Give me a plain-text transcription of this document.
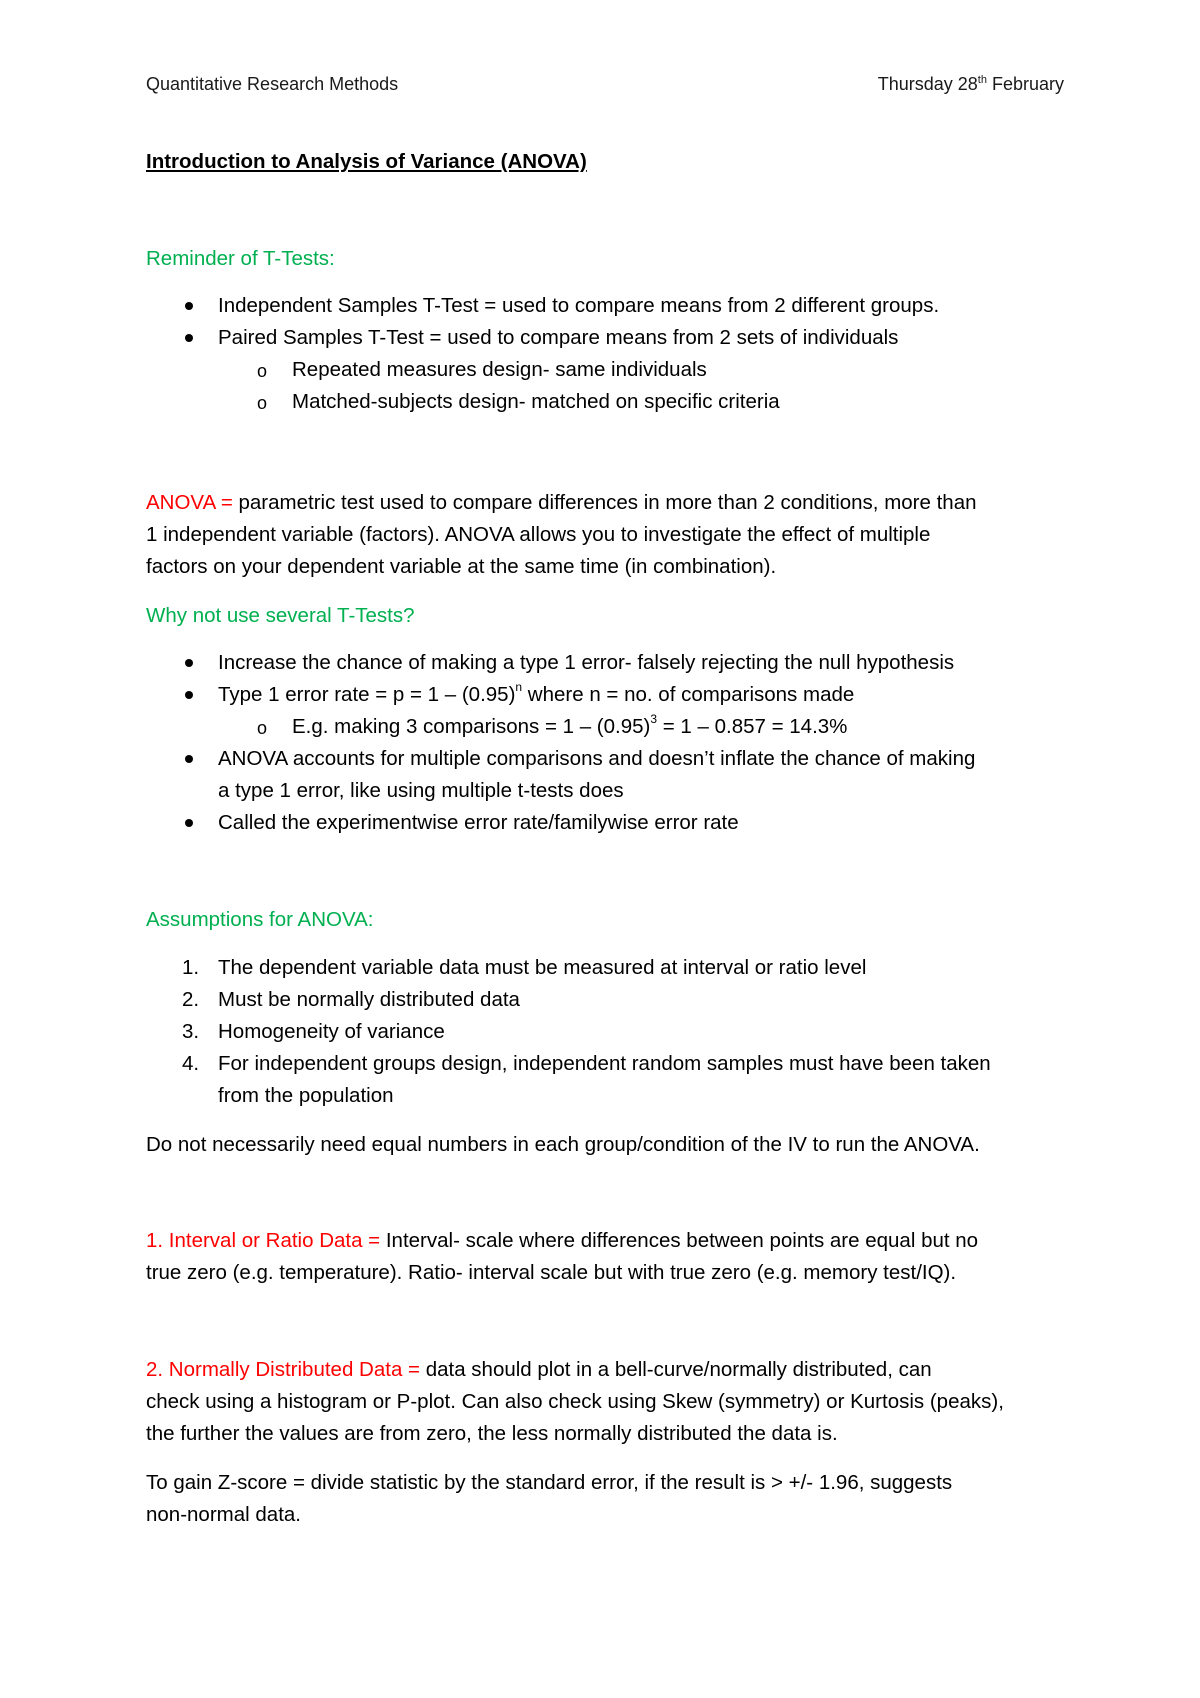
Quantitative Research Methods	Thursday 28th February
Introduction to Analysis of Variance (ANOVA)
Reminder of T-Tests:
Independent Samples T-Test = used to compare means from 2 different groups.
Paired Samples T-Test = used to compare means from 2 sets of individuals
o Repeated measures design- same individuals
o Matched-subjects design- matched on specific criteria
ANOVA = parametric test used to compare differences in more than 2 conditions, more than
1 independent variable (factors). ANOVA allows you to investigate the effect of multiple
factors on your dependent variable at the same time (in combination).
Why not use several T-Tests?
Increase the chance of making a type 1 error- falsely rejecting the null hypothesis
Type 1 error rate = $p = 1 - (0.95)^n$ where n = no. of comparisons made
o E.g. making 3 comparisons = $1 - (0.95)^3 = 1 - 0.857 = 14.3\%$
ANOVA accounts for multiple comparisons and doesn’t inflate the chance of making
a type 1 error, like using multiple t-tests does
Called the experimentwise error rate/familywise error rate
Assumptions for ANOVA:
1. The dependent variable data must be measured at interval or ratio level
2. Must be normally distributed data
3. Homogeneity of variance
4. For independent groups design, independent random samples must have been taken
from the population
Do not necessarily need equal numbers in each group/condition of the IV to run the ANOVA.
1. Interval or Ratio Data = Interval- scale where differences between points are equal but no
true zero (e.g. temperature). Ratio- interval scale but with true zero (e.g. memory test/IQ).
2. Normally Distributed Data = data should plot in a bell-curve/normally distributed, can
check using a histogram or P-plot. Can also check using Skew (symmetry) or Kurtosis (peaks),
the further the values are from zero, the less normally distributed the data is.
To gain Z-score = divide statistic by the standard error, if the result is > +/- 1.96, suggests
non-normal data.
